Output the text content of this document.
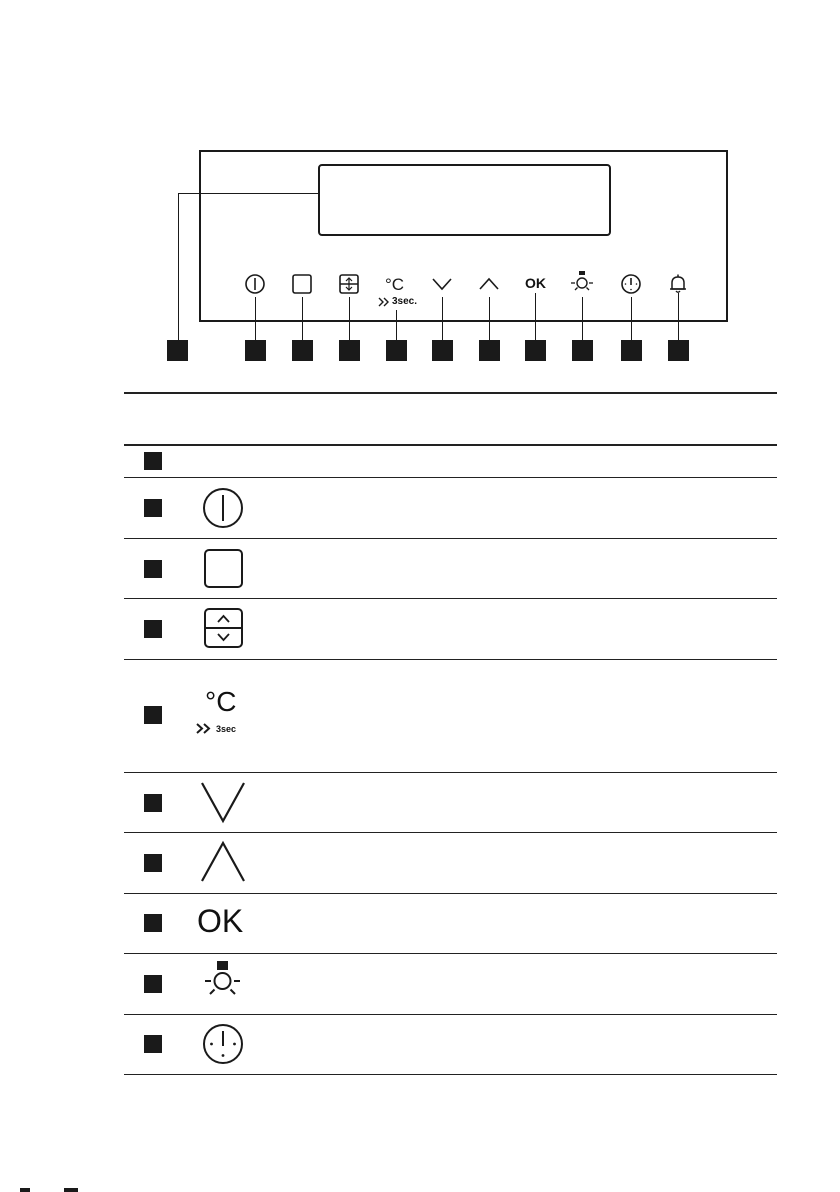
°C
3sec.
OK
°C
3sec
OK
